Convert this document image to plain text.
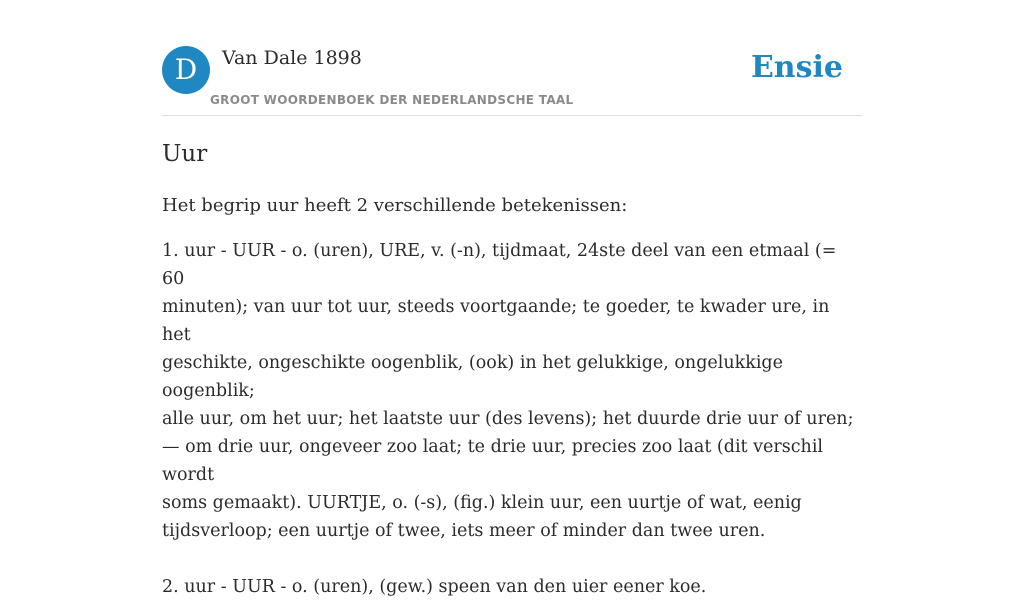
D	Van Dale 1898
GROOT WOORDENBOEK DER NEDERLANDSCHE TAAL
Ensie
Uur

Het begrip uur heeft 2 verschillende betekenissen:

1. uur - UUR - o. (uren), URE, v. (-n), tijdmaat, 24ste deel van een etmaal (= 60
minuten); van uur tot uur, steeds voortgaande; te goeder, te kwader ure, in het
geschikte, ongeschikte oogenblik, (ook) in het gelukkige, ongelukkige oogenblik;
alle uur, om het uur; het laatste uur (des levens); het duurde drie uur of uren;
— om drie uur, ongeveer zoo laat; te drie uur, precies zoo laat (dit verschil wordt
soms gemaakt). UURTJE, o. (-s), (fig.) klein uur, een uurtje of wat, eenig
tijdsverloop; een uurtje of twee, iets meer of minder dan twee uren.

2. uur - UUR - o. (uren), (gew.) speen van den uier eener koe.
